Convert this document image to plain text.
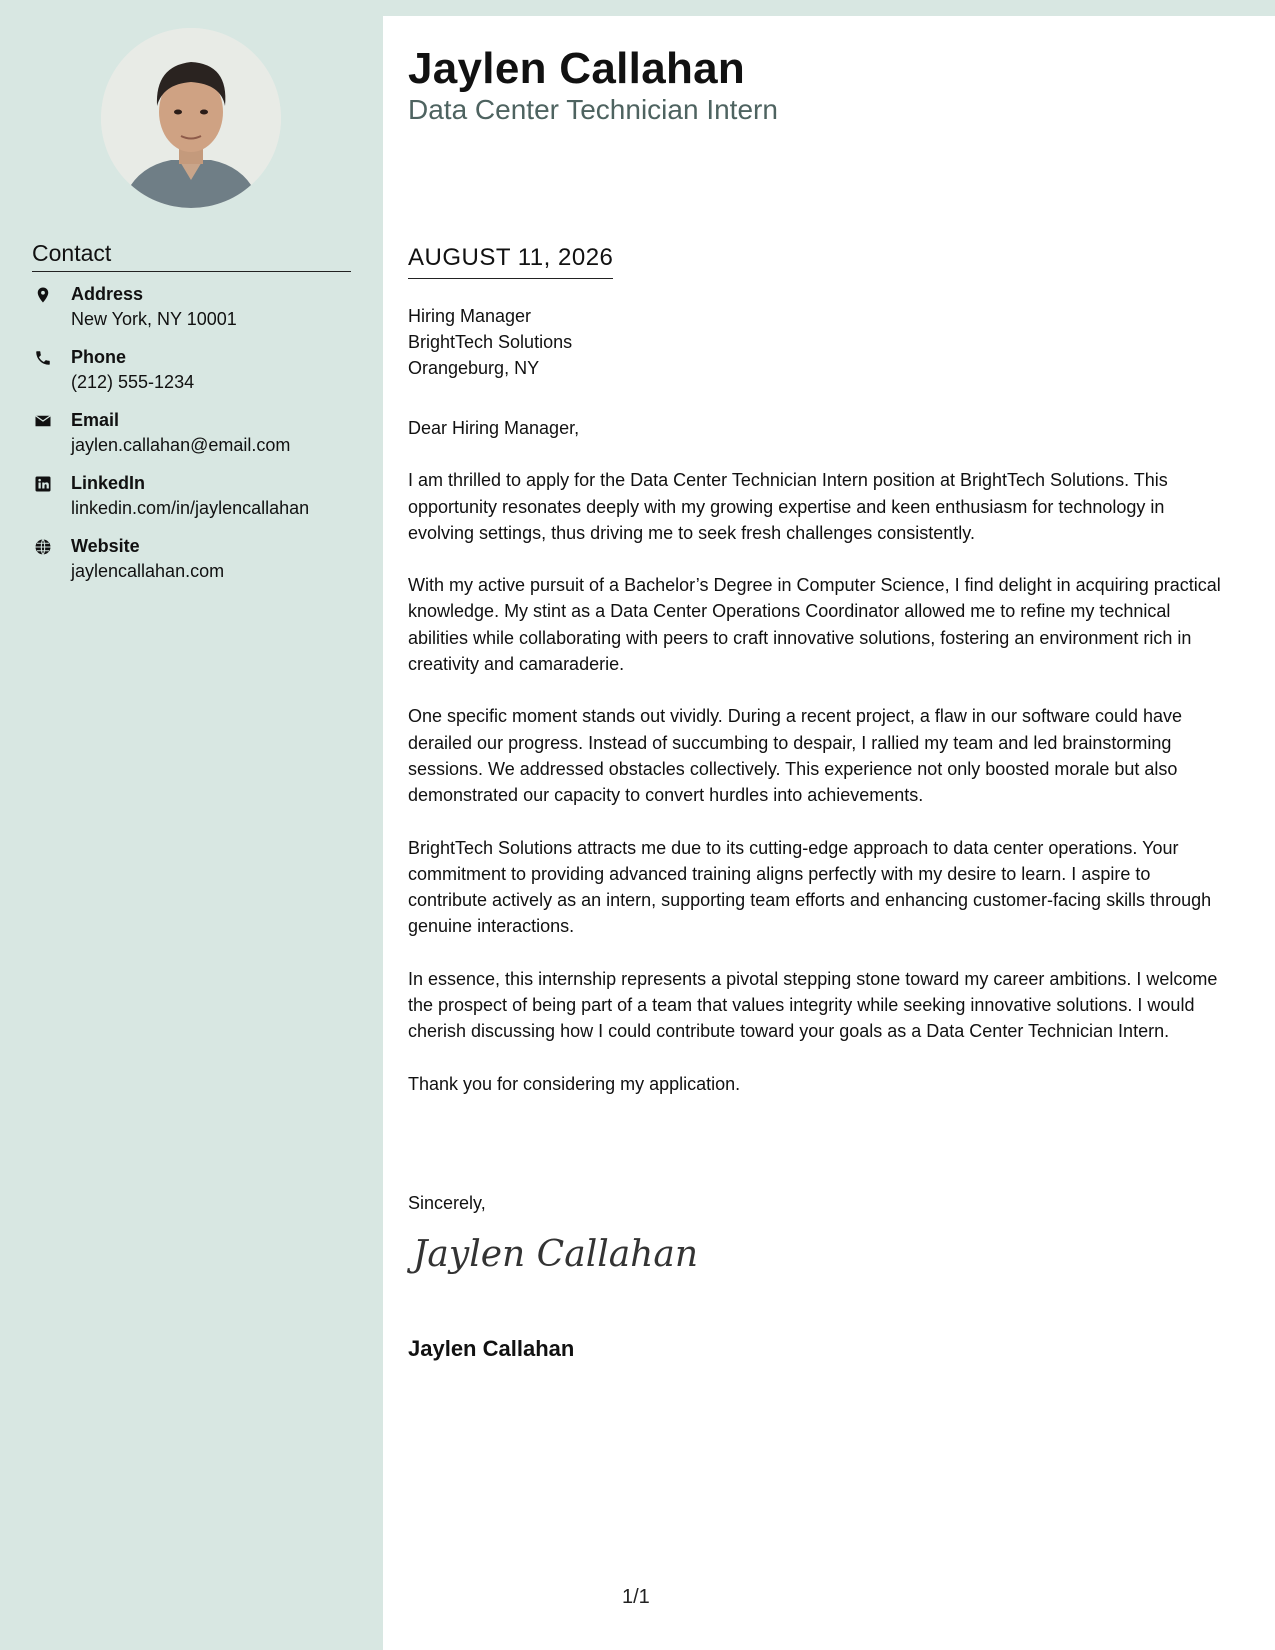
Contact
Address
New York, NY 10001
Phone
(212) 555-1234
Email
jaylen.callahan@email.com
LinkedIn
linkedin.com/in/jaylencallahan
Website
jaylencallahan.com
Jaylen Callahan
Data Center Technician Intern
AUGUST 11, 2026
Hiring Manager
BrightTech Solutions
Orangeburg, NY

Dear Hiring Manager,

I am thrilled to apply for the Data Center Technician Intern position at BrightTech Solutions. This opportunity resonates deeply with my growing expertise and keen enthusiasm for technology in evolving settings, thus driving me to seek fresh challenges consistently.

With my active pursuit of a Bachelor’s Degree in Computer Science, I find delight in acquiring practical knowledge. My stint as a Data Center Operations Coordinator allowed me to refine my technical abilities while collaborating with peers to craft innovative solutions, fostering an environment rich in creativity and camaraderie.

One specific moment stands out vividly. During a recent project, a flaw in our software could have derailed our progress. Instead of succumbing to despair, I rallied my team and led brainstorming sessions. We addressed obstacles collectively. This experience not only boosted morale but also demonstrated our capacity to convert hurdles into achievements.

BrightTech Solutions attracts me due to its cutting-edge approach to data center operations. Your commitment to providing advanced training aligns perfectly with my desire to learn. I aspire to contribute actively as an intern, supporting team efforts and enhancing customer-facing skills through genuine interactions.

In essence, this internship represents a pivotal stepping stone toward my career ambitions. I welcome the prospect of being part of a team that values integrity while seeking innovative solutions. I would cherish discussing how I could contribute toward your goals as a Data Center Technician Intern.

Thank you for considering my application.

Sincerely,
Jaylen Callahan
Jaylen Callahan
1/1
